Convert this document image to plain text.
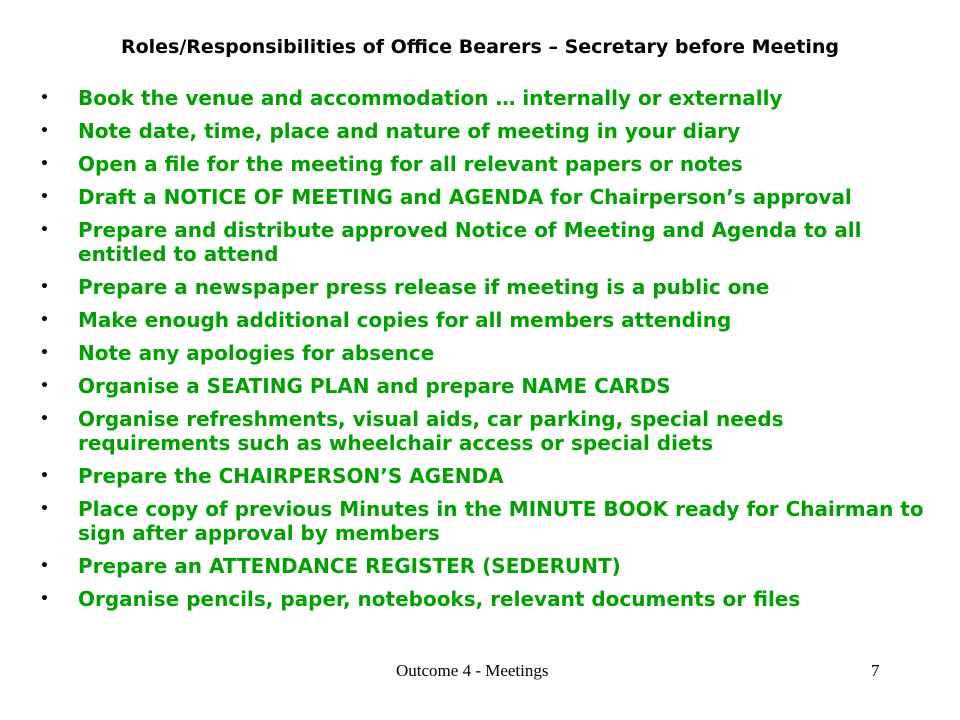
Roles/Responsibilities of Office Bearers – Secretary before Meeting
• Book the venue and accommodation … internally or externally
• Note date, time, place and nature of meeting in your diary
• Open a file for the meeting for all relevant papers or notes
• Draft a NOTICE OF MEETING and AGENDA for Chairperson’s approval
• Prepare and distribute approved Notice of Meeting and Agenda to all entitled to attend
• Prepare a newspaper press release if meeting is a public one
• Make enough additional copies for all members attending
• Note any apologies for absence
• Organise a SEATING PLAN and prepare NAME CARDS
• Organise refreshments, visual aids, car parking, special needs requirements such as wheelchair access or special diets
• Prepare the CHAIRPERSON’S AGENDA
• Place copy of previous Minutes in the MINUTE BOOK ready for Chairman to sign after approval by members
• Prepare an ATTENDANCE REGISTER (SEDERUNT)
• Organise pencils, paper, notebooks, relevant documents or files
Outcome 4 - Meetings	7
